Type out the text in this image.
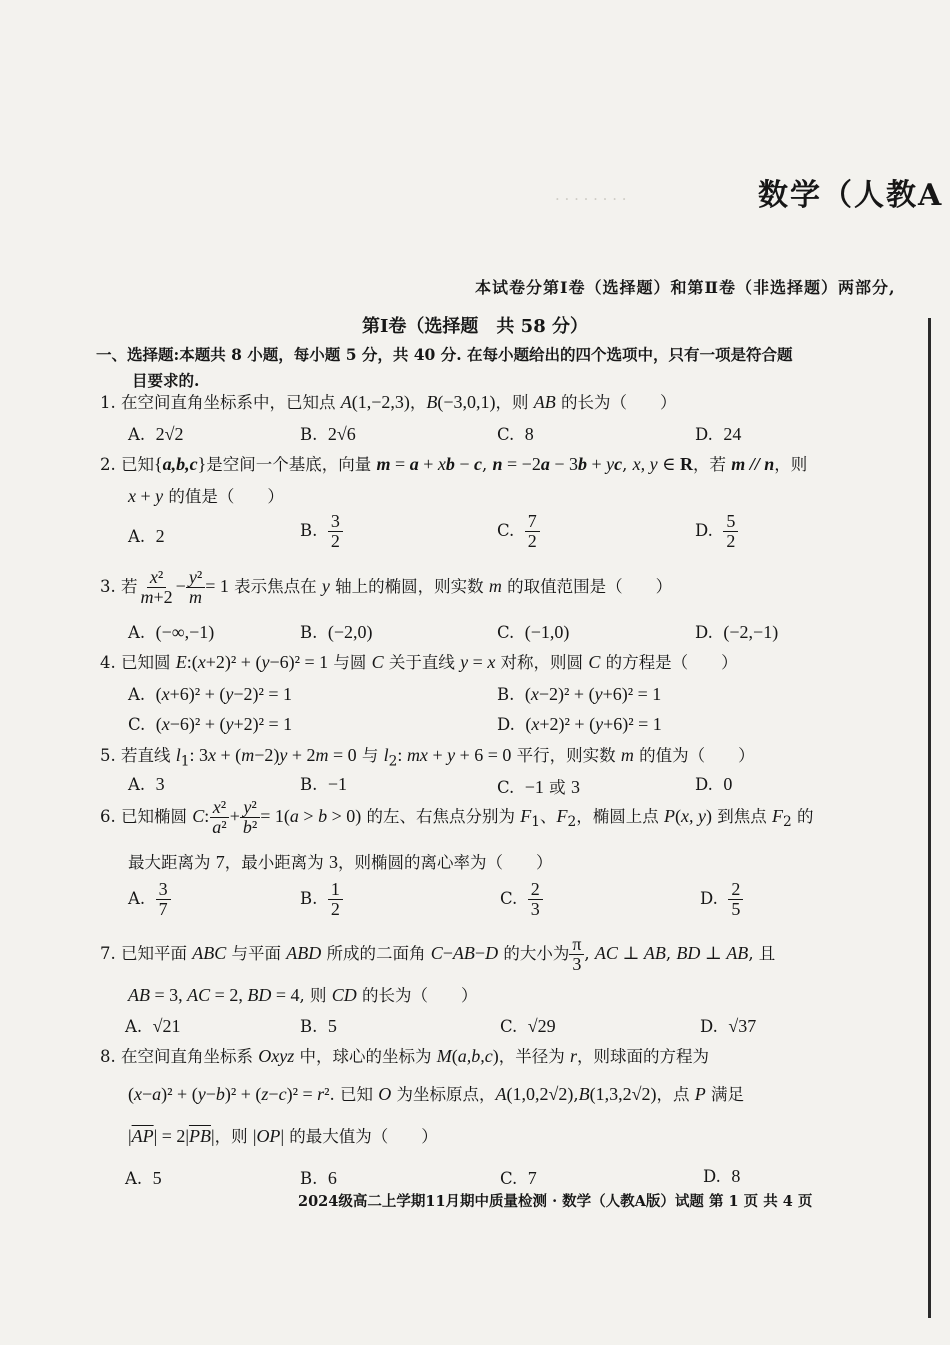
· · · · · · · ·	数学（人教A
本试卷分第Ⅰ卷（选择题）和第Ⅱ卷（非选择题）两部分,
第Ⅰ卷（选择题　共 58 分）
一、选择题:本题共 8 小题，每小题 5 分，共 40 分. 在每小题给出的四个选项中，只有一项是符合题
目要求的.
1. 在空间直角坐标系中，已知点 A(1,−2,3)，B(−3,0,1)，则 AB 的长为（　　）
A.  2√2	B.  2√6	C.  8	D.  24
2. 已知{a,b,c}是空间一个基底，向量 m = a + xb − c, n = −2a − 3b + yc, x, y ∈ R，若 m // n，则
x + y 的值是（　　）
A.  2	B. $\frac{3}{2}$	C. $\frac{7}{2}$	D. $\frac{5}{2}$
3. 若 $\frac{\text{x²}}{m+2} - \frac{\text{y²}}{m} = 1$ 表示焦点在 y 轴上的椭圆，则实数 m 的取值范围是（　　）
A.  (−∞,−1)	B.  (−2,0)	C.  (−1,0)	D.  (−2,−1)
4. 已知圆 E:(x+2)² + (y−6)² = 1 与圆 C 关于直线 y = x 对称，则圆 C 的方程是（　　）
A.  (x+6)² + (y−2)² = 1	B.  (x−2)² + (y+6)² = 1
C.  (x−6)² + (y+2)² = 1	D.  (x+2)² + (y+6)² = 1
5. 若直线 $l_1$: 3x + (m−2)y + 2m = 0 与 $l_2$: mx + y + 6 = 0 平行，则实数 m 的值为（　　）
A.  3	B.  −1	C.  −1 或 3	D.  0
6. 已知椭圆 C: $\frac{\text{x²}}{\text{a²}} + \frac{\text{y²}}{\text{b²}} = 1(a > b > 0)$ 的左、右焦点分别为 $F_1$、$F_2$，椭圆上点 P(x, y) 到焦点 $F_2$ 的
最大距离为 7，最小距离为 3，则椭圆的离心率为（　　）
A. $\frac{3}{7}$	B. $\frac{1}{2}$	C. $\frac{2}{3}$	D. $\frac{2}{5}$
7. 已知平面 ABC 与平面 ABD 所成的二面角 C−AB−D 的大小为 $\frac{\pi}{3}$ , AC ⊥ AB, BD ⊥ AB, 且
AB = 3, AC = 2, BD = 4, 则 CD 的长为（　　）
A.  √21	B.  5	C.  √29	D.  √37
8. 在空间直角坐标系 Oxyz 中，球心的坐标为 M(a,b,c)，半径为 r，则球面的方程为
(x−a)² + (y−b)² + (z−c)² = r². 已知 O 为坐标原点，A(1,0,2√2),B(1,3,2√2)，点 P 满足
$|\overline{AP}| = 2|\overline{PB}|$，则 |OP| 的最大值为（　　）
A.  5	B.  6	C.  7	D.  8
2024级高二上学期11月期中质量检测 · 数学（人教A版）试题 第 1 页 共 4 页
